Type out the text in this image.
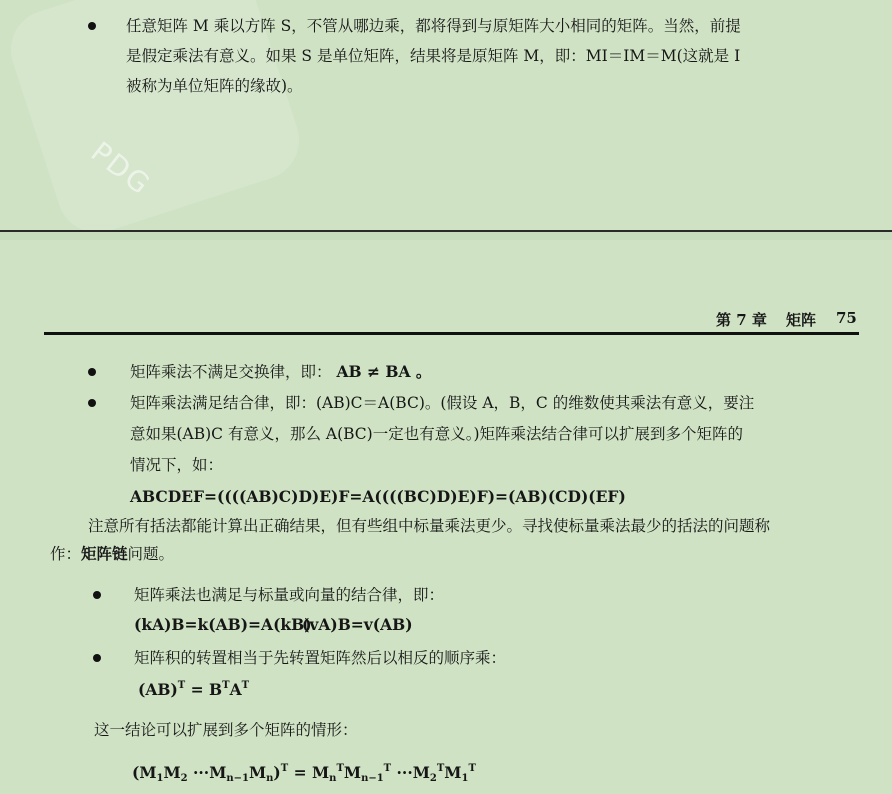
PDG
任意矩阵 M 乘以方阵 S，不管从哪边乘，都将得到与原矩阵大小相同的矩阵。当然，前提
是假定乘法有意义。如果 S 是单位矩阵，结果将是原矩阵 M，即：MI＝IM＝M(这就是 I
被称为单位矩阵的缘故)。
第 7 章 矩阵 75
矩阵乘法不满足交换律，即： AB ≠ BA 。
矩阵乘法满足结合律，即：(AB)C＝A(BC)。(假设 A，B，C 的维数使其乘法有意义，要注
意如果(AB)C 有意义，那么 A(BC)一定也有意义。)矩阵乘法结合律可以扩展到多个矩阵的
情况下，如：
ABCDEF=((((AB)C)D)E)F=A((((BC)D)E)F)=(AB)(CD)(EF)
注意所有括法都能计算出正确结果，但有些组中标量乘法更少。寻找使标量乘法最少的括法的问题称
作：矩阵链问题。
矩阵乘法也满足与标量或向量的结合律，即：
(kA)B=k(AB)=A(kB)
(vA)B=v(AB)
矩阵积的转置相当于先转置矩阵然后以相反的顺序乘：
$(AB)^T = B^TA^T$
这一结论可以扩展到多个矩阵的情形：
$(M_1M_2 \cdot\cdot\cdot M_{n-1}M_n)^T = M_n^TM_{n-1}^T \cdot\cdot\cdot M_2^TM_1^T$
